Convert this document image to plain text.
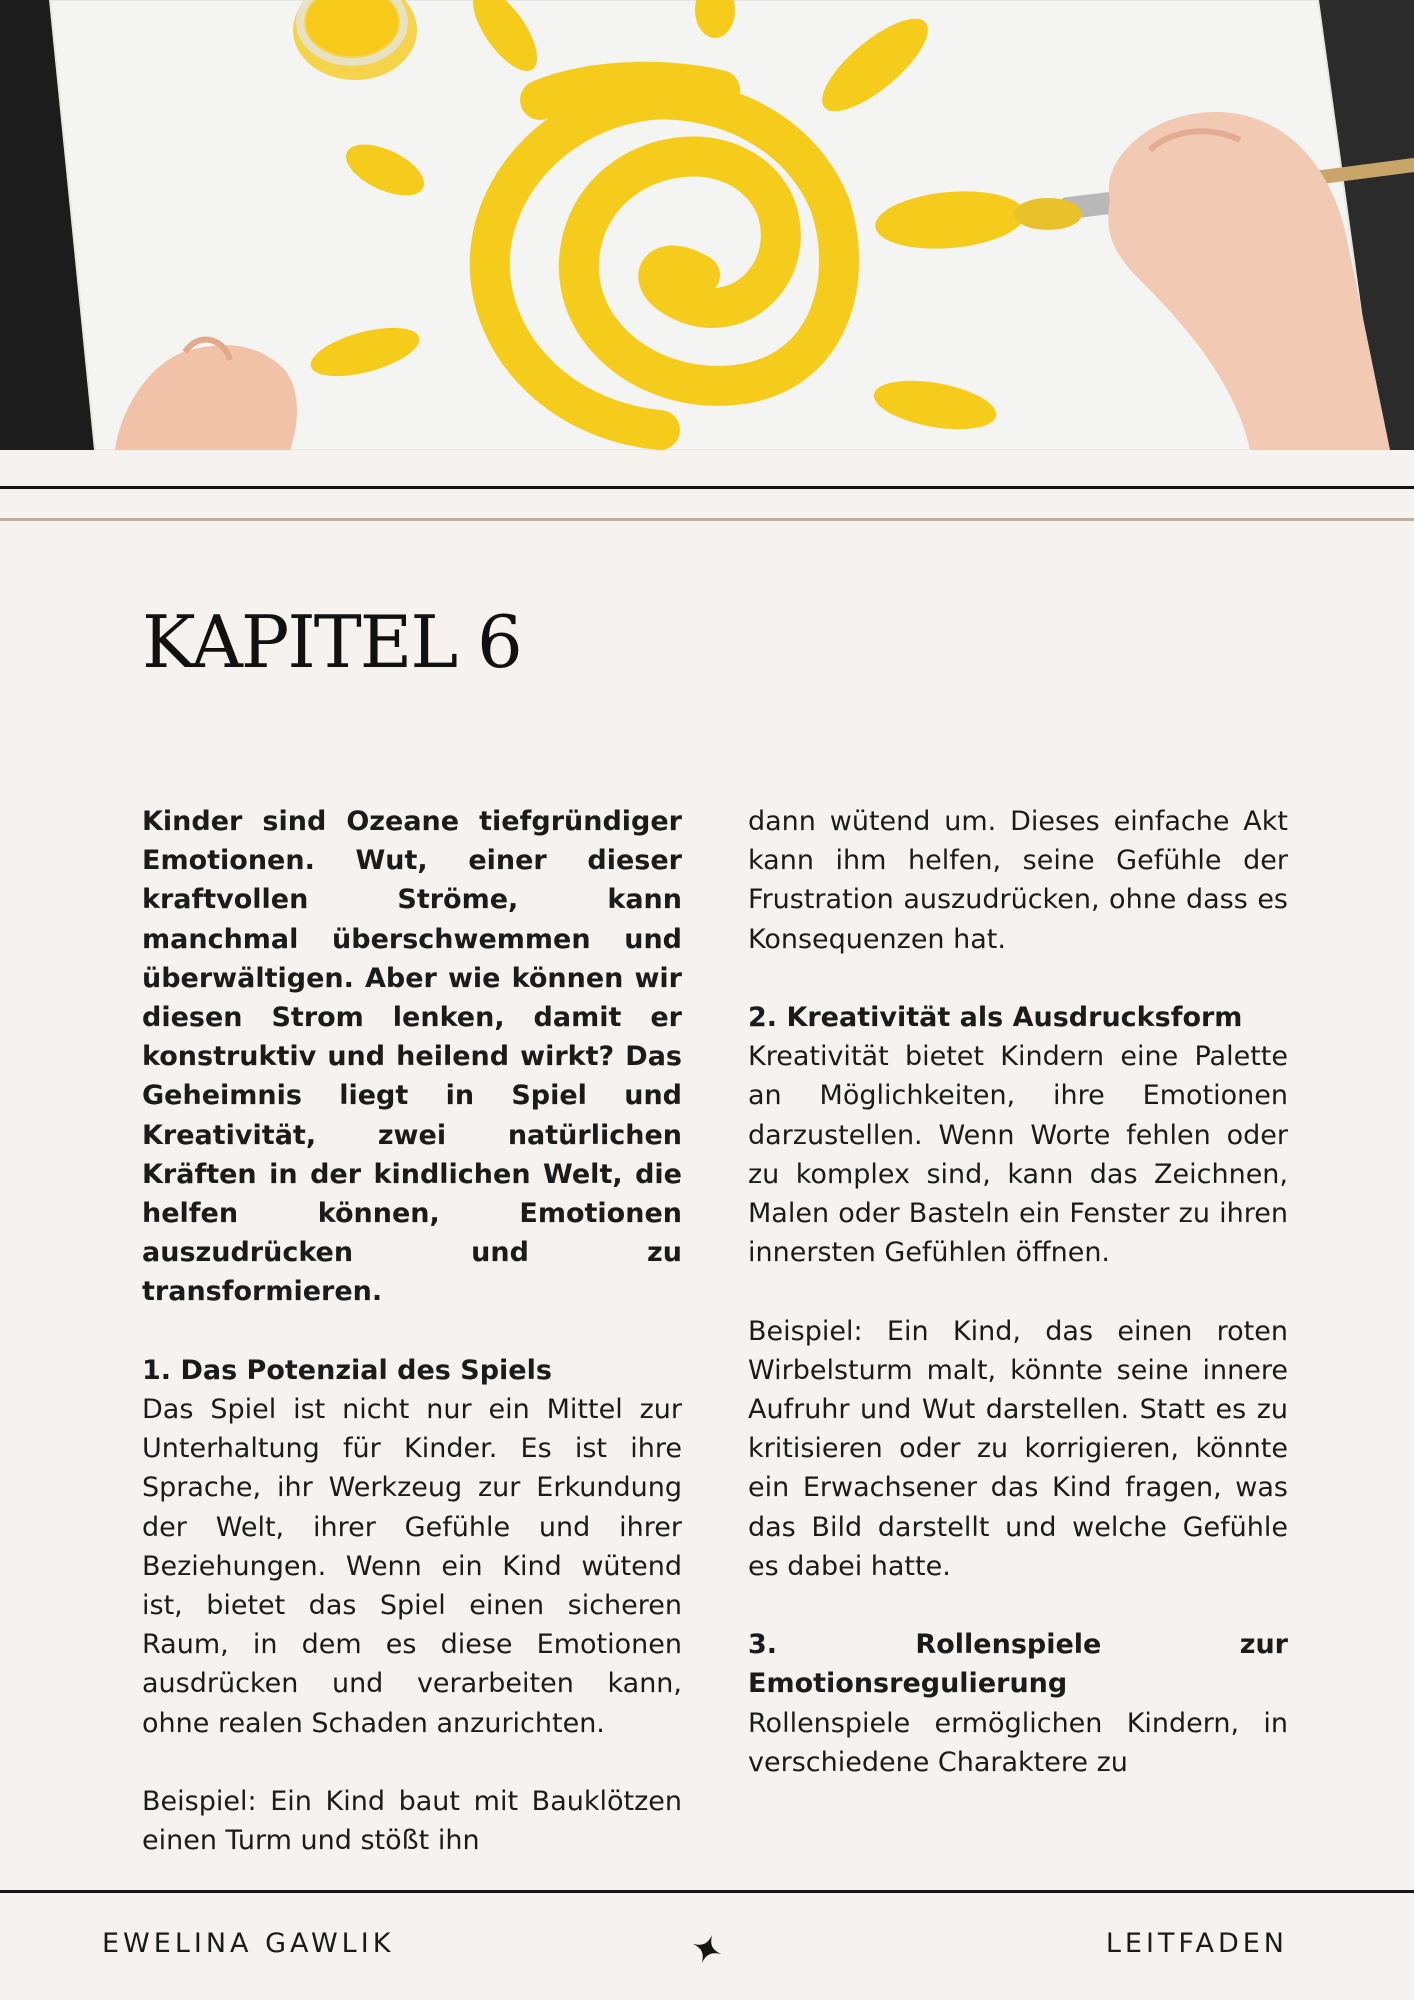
KAPITEL 6

Kinder sind Ozeane tiefgründiger Emotionen. Wut, einer dieser kraftvollen Ströme, kann manchmal überschwemmen und überwältigen. Aber wie können wir diesen Strom lenken, damit er konstruktiv und heilend wirkt? Das Geheimnis liegt in Spiel und Kreativität, zwei natürlichen Kräften in der kindlichen Welt, die helfen können, Emotionen auszudrücken und zu transformieren.

1. Das Potenzial des Spiels

Das Spiel ist nicht nur ein Mittel zur Unterhaltung für Kinder. Es ist ihre Sprache, ihr Werkzeug zur Erkundung der Welt, ihrer Gefühle und ihrer Beziehungen. Wenn ein Kind wütend ist, bietet das Spiel einen sicheren Raum, in dem es diese Emotionen ausdrücken und verarbeiten kann, ohne realen Schaden anzurichten.

Beispiel: Ein Kind baut mit Bauklötzen einen Turm und stößt ihn

dann wütend um. Dieses einfache Akt kann ihm helfen, seine Gefühle der Frustration auszudrücken, ohne dass es Konsequenzen hat.

2. Kreativität als Ausdrucksform

Kreativität bietet Kindern eine Palette an Möglichkeiten, ihre Emotionen darzustellen. Wenn Worte fehlen oder zu komplex sind, kann das Zeichnen, Malen oder Basteln ein Fenster zu ihren innersten Gefühlen öffnen.

Beispiel: Ein Kind, das einen roten Wirbelsturm malt, könnte seine innere Aufruhr und Wut darstellen. Statt es zu kritisieren oder zu korrigieren, könnte ein Erwachsener das Kind fragen, was das Bild darstellt und welche Gefühle es dabei hatte.

3. Rollenspiele zur Emotionsregulierung

Rollenspiele ermöglichen Kindern, in verschiedene Charaktere zu

EWELINA GAWLIK	LEITFADEN
